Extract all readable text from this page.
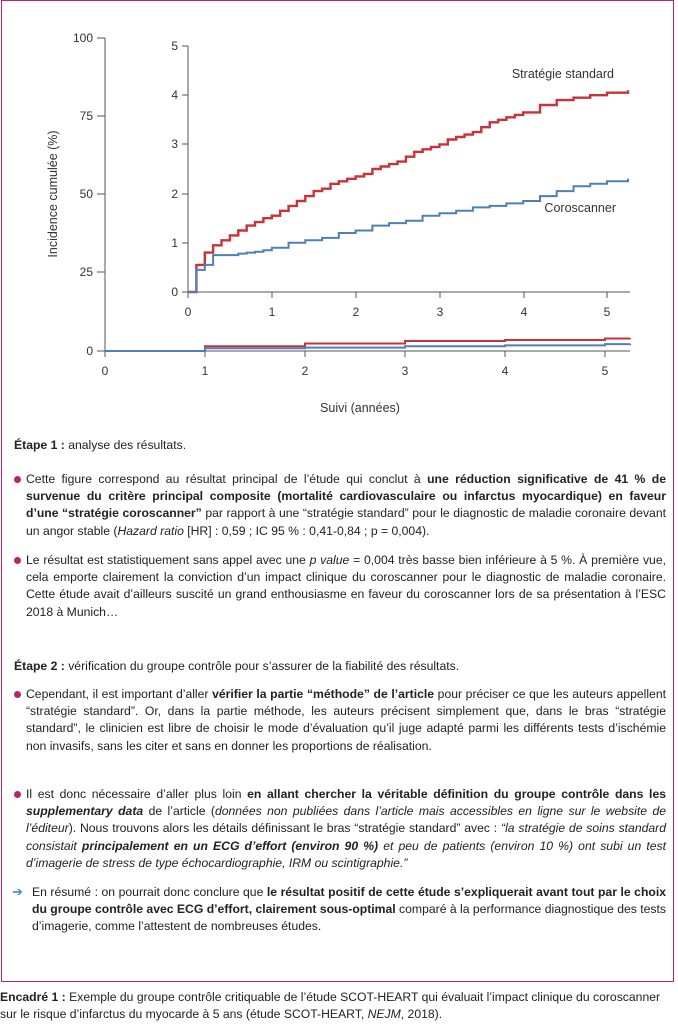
100
75
50
25
0
0	1	2	3	4	5
Suivi (années)
Incidence cumulée (%)
5
4
3
2
1
0
0	1	2	3	4	5
Stratégie standard
Coroscanner
Étape 1 : analyse des résultats.
Cette figure correspond au résultat principal de l’étude qui conclut à une réduction significative de 41 % de survenue du critère principal composite (mortalité cardiovasculaire ou infarctus myocardique) en faveur d’une “stratégie coroscanner” par rapport à une “stratégie standard” pour le diagnostic de maladie coronaire devant un angor stable (Hazard ratio [HR] : 0,59 ; IC 95 % : 0,41-0,84 ; p = 0,004).
Le résultat est statistiquement sans appel avec une p value = 0,004 très basse bien inférieure à 5 %. À première vue, cela emporte clairement la conviction d’un impact clinique du coroscanner pour le diagnostic de maladie coronaire. Cette étude avait d’ailleurs suscité un grand enthousiasme en faveur du coroscanner lors de sa présentation à l’ESC 2018 à Munich…
Étape 2 : vérification du groupe contrôle pour s’assurer de la fiabilité des résultats.
Cependant, il est important d’aller vérifier la partie “méthode” de l’article pour préciser ce que les auteurs appellent “stratégie standard”. Or, dans la partie méthode, les auteurs précisent simplement que, dans le bras “stratégie standard”, le clinicien est libre de choisir le mode d’évaluation qu’il juge adapté parmi les différents tests d’ischémie non invasifs, sans les citer et sans en donner les proportions de réalisation.
Il est donc nécessaire d’aller plus loin en allant chercher la véritable définition du groupe contrôle dans les supplementary data de l’article (données non publiées dans l’article mais accessibles en ligne sur le website de l’éditeur). Nous trouvons alors les détails définissant le bras “stratégie standard” avec : “la stratégie de soins standard consistait principalement en un ECG d’effort (environ 90 %) et peu de patients (environ 10 %) ont subi un test d’imagerie de stress de type échocardiographie, IRM ou scintigraphie.”
➔ En résumé : on pourrait donc conclure que le résultat positif de cette étude s’expliquerait avant tout par le choix du groupe contrôle avec ECG d’effort, clairement sous-optimal comparé à la performance diagnostique des tests d’imagerie, comme l’attestent de nombreuses études.
Encadré 1 : Exemple du groupe contrôle critiquable de l’étude SCOT-HEART qui évaluait l’impact clinique du coroscanner sur le risque d’infarctus du myocarde à 5 ans (étude SCOT-HEART, NEJM, 2018).
